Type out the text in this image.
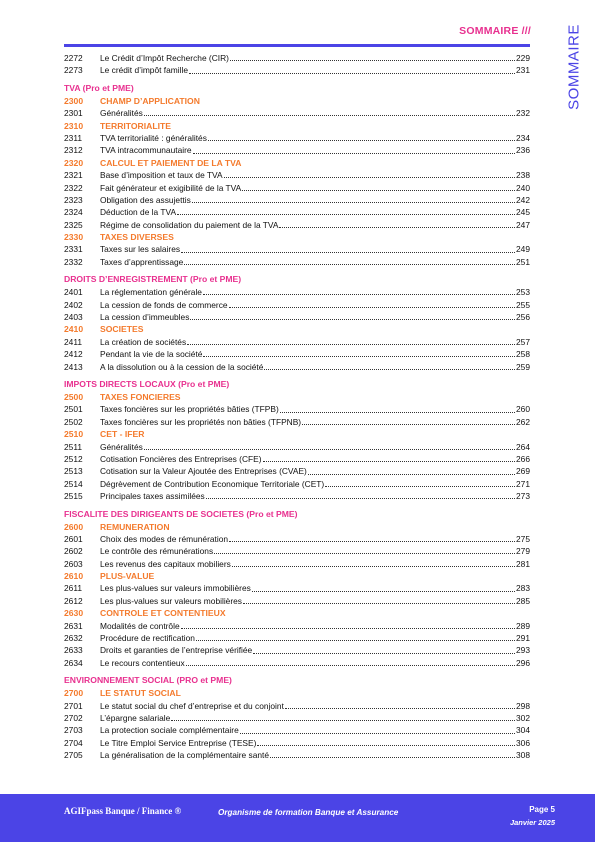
SOMMAIRE /// SOMMAIRE
2272	Le Crédit d’Impôt Recherche (CIR)	229
2273	Le crédit d’impôt famille	231
TVA (Pro et PME)
2300	CHAMP D’APPLICATION
2301	Généralités	232
2310	TERRITORIALITE
2311	TVA territorialité : généralités	234
2312	TVA intracommunautaire	236
2320	CALCUL ET PAIEMENT DE LA TVA
2321	Base d’imposition et taux de TVA	238
2322	Fait générateur et exigibilité de la TVA	240
2323	Obligation des assujettis	242
2324	Déduction de la TVA	245
2325	Régime de consolidation du paiement de la TVA	247
2330	TAXES DIVERSES
2331	Taxes sur les salaires	249
2332	Taxes d’apprentissage	251
DROITS D’ENREGISTREMENT (Pro et PME)
2401	La réglementation générale	253
2402	La cession de fonds de commerce	255
2403	La cession d’immeubles	256
2410	SOCIETES
2411	La création de sociétés	257
2412	Pendant la vie de la société	258
2413	A la dissolution ou à la cession de la société	259
IMPOTS DIRECTS LOCAUX (Pro et PME)
2500	TAXES FONCIERES
2501	Taxes foncières sur les propriétés bâties (TFPB)	260
2502	Taxes foncières sur les propriétés non bâties (TFPNB)	262
2510	CET - IFER
2511	Généralités	264
2512	Cotisation Foncières des Entreprises (CFE)	266
2513	Cotisation sur la Valeur Ajoutée des Entreprises (CVAE)	269
2514	Dégrèvement de Contribution Economique Territoriale (CET)	271
2515	Principales taxes assimilées	273
FISCALITE DES DIRIGEANTS DE SOCIETES (Pro et PME)
2600	REMUNERATION
2601	Choix des modes de rémunération	275
2602	Le contrôle des rémunérations	279
2603	Les revenus des capitaux mobiliers	281
2610	PLUS-VALUE
2611	Les plus-values sur valeurs immobilières	283
2612	Les plus-values sur valeurs mobilières	285
2630	CONTROLE ET CONTENTIEUX
2631	Modalités de contrôle	289
2632	Procédure de rectification	291
2633	Droits et garanties de l’entreprise vérifiée	293
2634	Le recours contentieux	296
ENVIRONNEMENT SOCIAL (PRO et PME)
2700	LE STATUT SOCIAL
2701	Le statut social du chef d’entreprise et du conjoint	298
2702	L’épargne salariale	302
2703	La protection sociale complémentaire	304
2704	Le Titre Emploi Service Entreprise (TESE)	306
2705	La généralisation de la complémentaire santé	308
AGIFpass Banque / Finance ®	Organisme de formation Banque et Assurance	Page 5
Janvier 2025
